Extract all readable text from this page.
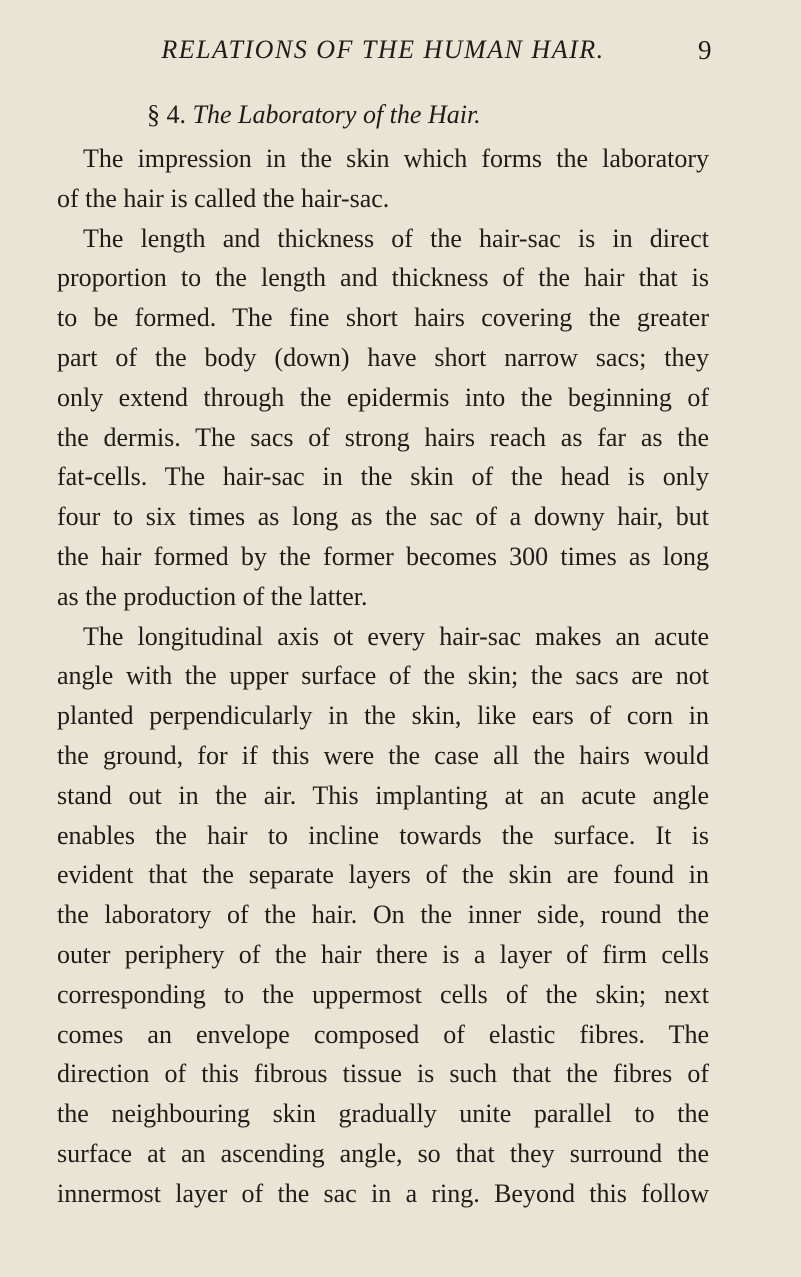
RELATIONS OF THE HUMAN HAIR.	9
§ 4. The Laboratory of the Hair.
The impression in the skin which forms the laboratory
of the hair is called the hair-sac.
The length and thickness of the hair-sac is in direct
proportion to the length and thickness of the hair that is
to be formed. The fine short hairs covering the greater
part of the body (down) have short narrow sacs; they
only extend through the epidermis into the beginning of
the dermis. The sacs of strong hairs reach as far as the
fat-cells. The hair-sac in the skin of the head is only
four to six times as long as the sac of a downy hair, but
the hair formed by the former becomes 300 times as long
as the production of the latter.
The longitudinal axis ot every hair-sac makes an acute
angle with the upper surface of the skin; the sacs are not
planted perpendicularly in the skin, like ears of corn in
the ground, for if this were the case all the hairs would
stand out in the air. This implanting at an acute angle
enables the hair to incline towards the surface. It is
evident that the separate layers of the skin are found in
the laboratory of the hair. On the inner side, round the
outer periphery of the hair there is a layer of firm cells
corresponding to the uppermost cells of the skin; next
comes an envelope composed of elastic fibres. The
direction of this fibrous tissue is such that the fibres of
the neighbouring skin gradually unite parallel to the
surface at an ascending angle, so that they surround the
innermost layer of the sac in a ring. Beyond this follow
